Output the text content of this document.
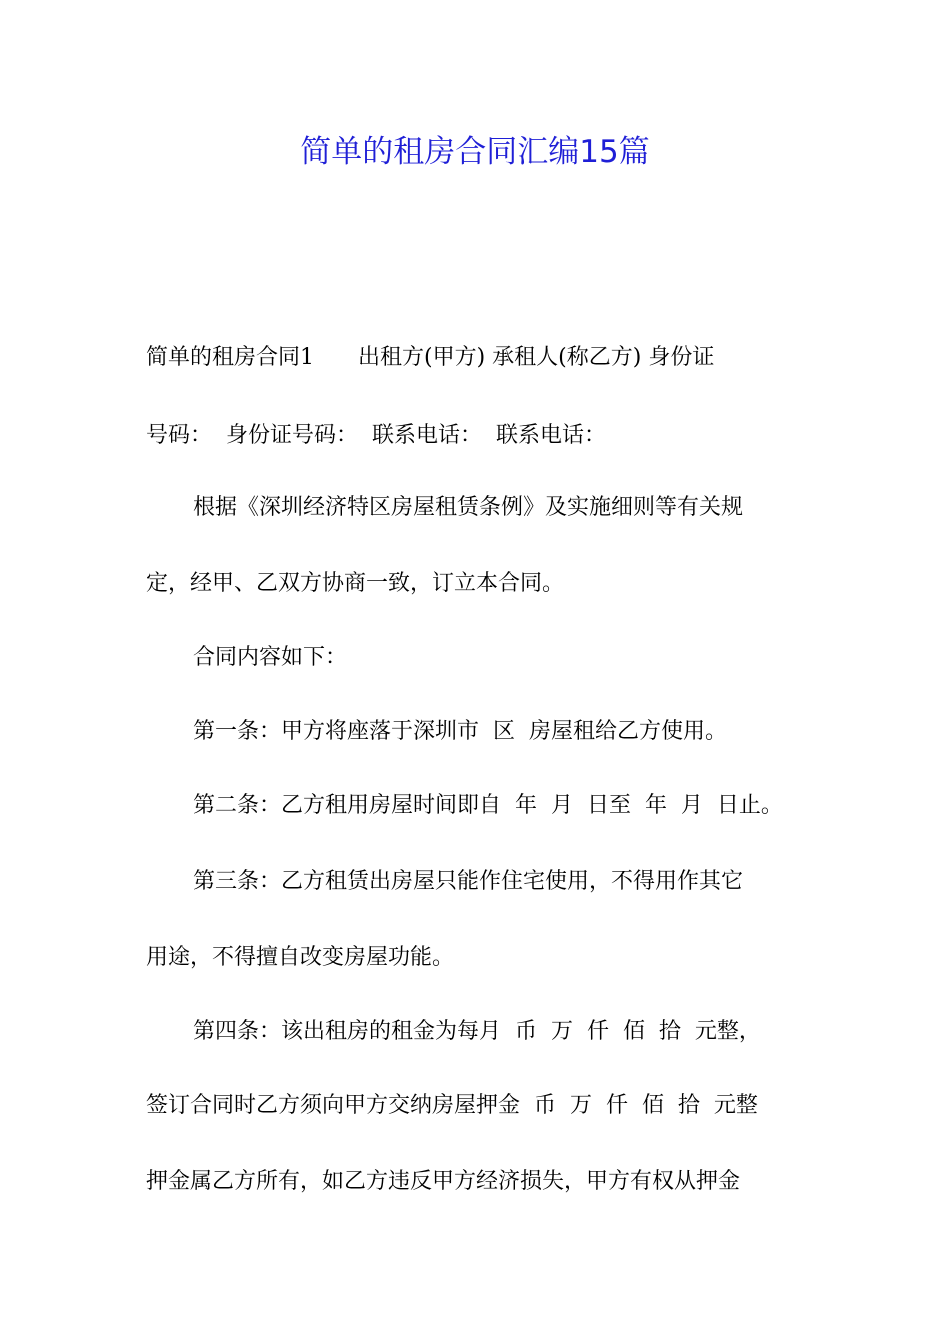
简单的租房合同汇编15篇

简单的租房合同1　　出租方(甲方) 承租人(称乙方) 身份证

号码：  身份证号码：  联系电话：  联系电话：

根据《深圳经济特区房屋租赁条例》及实施细则等有关规

定，经甲、乙双方协商一致，订立本合同。

合同内容如下：

第一条：甲方将座落于深圳市  区  房屋租给乙方使用。

第二条：乙方租用房屋时间即自  年  月  日至  年  月  日止。

第三条：乙方租赁出房屋只能作住宅使用，不得用作其它

用途，不得擅自改变房屋功能。

第四条：该出租房的租金为每月  币  万  仟  佰  拾  元整，

签订合同时乙方须向甲方交纳房屋押金  币  万  仟  佰  拾  元整

押金属乙方所有，如乙方违反甲方经济损失，甲方有权从押金
